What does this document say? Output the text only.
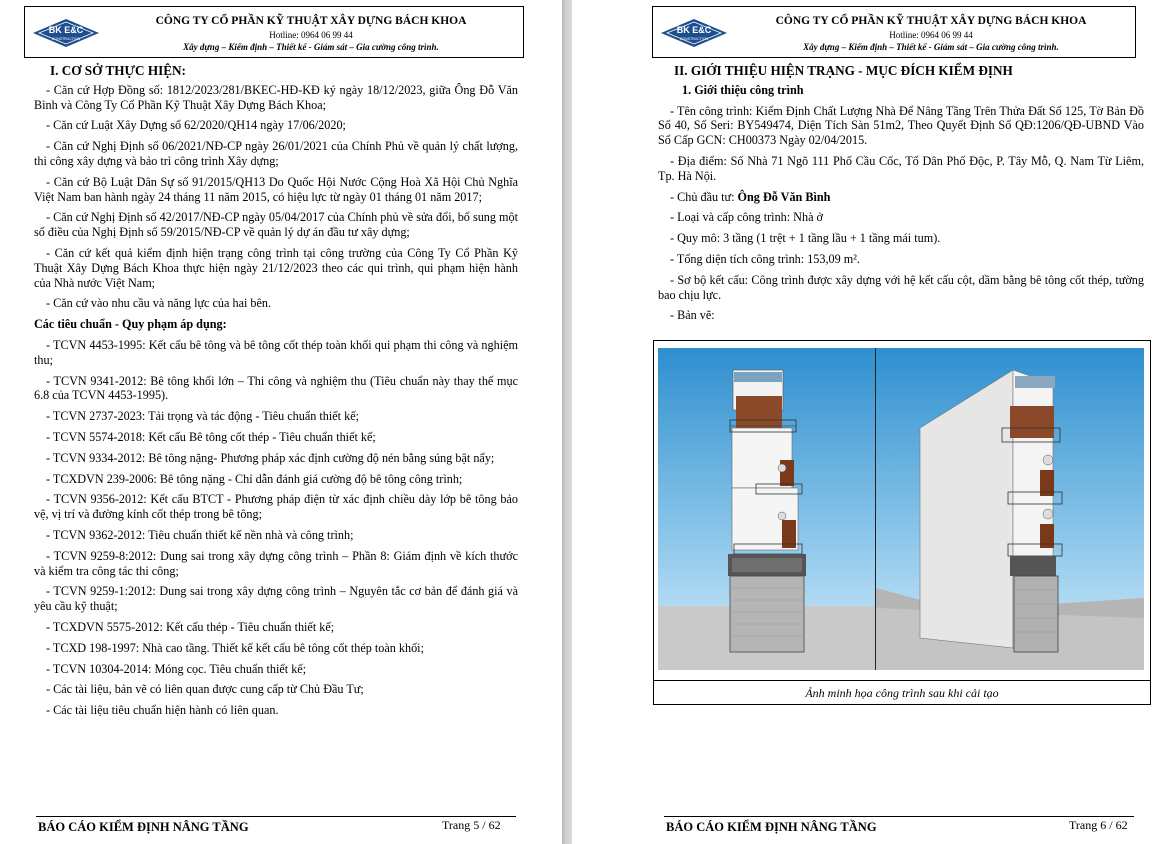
BK E&C
CONSTRUCTION
CÔNG TY CỔ PHẦN KỸ THUẬT XÂY DỰNG BÁCH KHOA
Hotline: 0964 06 99 44
Xây dựng – Kiểm định – Thiết kế - Giám sát – Gia cường công trình.
I. CƠ SỞ THỰC HIỆN:
- Căn cứ Hợp Đồng số: 1812/2023/281/BKEC-HĐ-KĐ ký ngày 18/12/2023, giữa Ông Đỗ Văn Bình và Công Ty Cổ Phần Kỹ Thuật Xây Dựng Bách Khoa;
- Căn cứ Luật Xây Dựng số 62/2020/QH14 ngày 17/06/2020;
- Căn cứ Nghị Định số 06/2021/NĐ-CP ngày 26/01/2021 của Chính Phủ về quản lý chất lượng, thi công xây dựng và bảo trì công trình Xây dựng;
- Căn cứ Bộ Luật Dân Sự số 91/2015/QH13 Do Quốc Hội Nước Cộng Hoà Xã Hội Chủ Nghĩa Việt Nam ban hành ngày 24 tháng 11 năm 2015, có hiệu lực từ ngày 01 tháng 01 năm 2017;
- Căn cứ Nghị Định số 42/2017/NĐ-CP ngày 05/04/2017 của Chính phủ về sửa đổi, bổ sung một số điều của Nghị Định số 59/2015/NĐ-CP về quản lý dự án đầu tư xây dựng;
- Căn cứ kết quả kiểm định hiện trạng công trình tại công trường của Công Ty Cổ Phần Kỹ Thuật Xây Dựng Bách Khoa thực hiện ngày 21/12/2023 theo các qui trình, qui phạm hiện hành của Nhà nước Việt Nam;
- Căn cứ vào nhu cầu và năng lực của hai bên.
Các tiêu chuẩn - Quy phạm áp dụng:
- TCVN 4453-1995: Kết cấu bê tông và bê tông cốt thép toàn khối qui phạm thi công và nghiệm thu;
- TCVN 9341-2012: Bê tông khối lớn – Thi công và nghiệm thu (Tiêu chuẩn này thay thế mục 6.8 của TCVN 4453-1995).
- TCVN 2737-2023: Tải trọng và tác động - Tiêu chuẩn thiết kế;
- TCVN 5574-2018: Kết cấu Bê tông cốt thép - Tiêu chuẩn thiết kế;
- TCVN 9334-2012: Bê tông nặng- Phương pháp xác định cường độ nén bằng súng bật nẩy;
- TCXDVN 239-2006: Bê tông nặng - Chỉ dẫn đánh giá cường độ bê tông công trình;
- TCVN 9356-2012: Kết cấu BTCT - Phương pháp điện từ xác định chiều dày lớp bê tông bảo vệ, vị trí và đường kính cốt thép trong bê tông;
- TCVN 9362-2012: Tiêu chuẩn thiết kế nền nhà và công trình;
- TCVN 9259-8:2012: Dung sai trong xây dựng công trình – Phần 8: Giám định về kích thước và kiểm tra công tác thi công;
- TCVN 9259-1:2012: Dung sai trong xây dựng công trình – Nguyên tắc cơ bản để đánh giá và yêu cầu kỹ thuật;
- TCXDVN 5575-2012: Kết cấu thép - Tiêu chuẩn thiết kế;
- TCXD 198-1997: Nhà cao tầng. Thiết kế kết cấu bê tông cốt thép toàn khối;
- TCVN 10304-2014: Móng cọc. Tiêu chuẩn thiết kế;
- Các tài liệu, bản vẽ có liên quan được cung cấp từ Chủ Đầu Tư;
- Các tài liệu tiêu chuẩn hiện hành có liên quan.
BÁO CÁO KIỂM ĐỊNH NÂNG TẦNG	Trang 5 / 62
BK E&C
CONSTRUCTION
CÔNG TY CỔ PHẦN KỸ THUẬT XÂY DỰNG BÁCH KHOA
Hotline: 0964 06 99 44
Xây dựng – Kiểm định – Thiết kế - Giám sát – Gia cường công trình.
BÁO CÁO KIỂM ĐỊNH NÂNG TẦNG	Trang 6 / 62
II. GIỚI THIỆU HIỆN TRẠNG - MỤC ĐÍCH KIỂM ĐỊNH
1. Giới thiệu công trình
- Tên công trình: Kiểm Định Chất Lượng Nhà Để Nâng Tầng Trên Thửa Đất Số 125, Tờ Bản Đồ Số 40, Số Seri: BY549474, Diện Tích Sàn 51m2, Theo Quyết Định Số QĐ:1206/QĐ-UBND Vào Sổ Cấp GCN: CH00373 Ngày 02/04/2015.
- Địa điểm: Số Nhà 71 Ngõ 111 Phố Cầu Cốc, Tổ Dân Phố Độc, P. Tây Mỗ, Q. Nam Từ Liêm, Tp. Hà Nội.
- Chủ đầu tư: Ông Đỗ Văn Bình
- Loại và cấp công trình: Nhà ở
- Quy mô: 3 tầng (1 trệt + 1 tầng lầu + 1 tầng mái tum).
- Tổng diện tích công trình: 153,09 m².
- Sơ bộ kết cấu: Công trình được xây dựng với hệ kết cấu cột, dầm bằng bê tông cốt thép, tường bao chịu lực.
- Bản vẽ:
Ảnh minh họa công trình sau khi cải tạo
